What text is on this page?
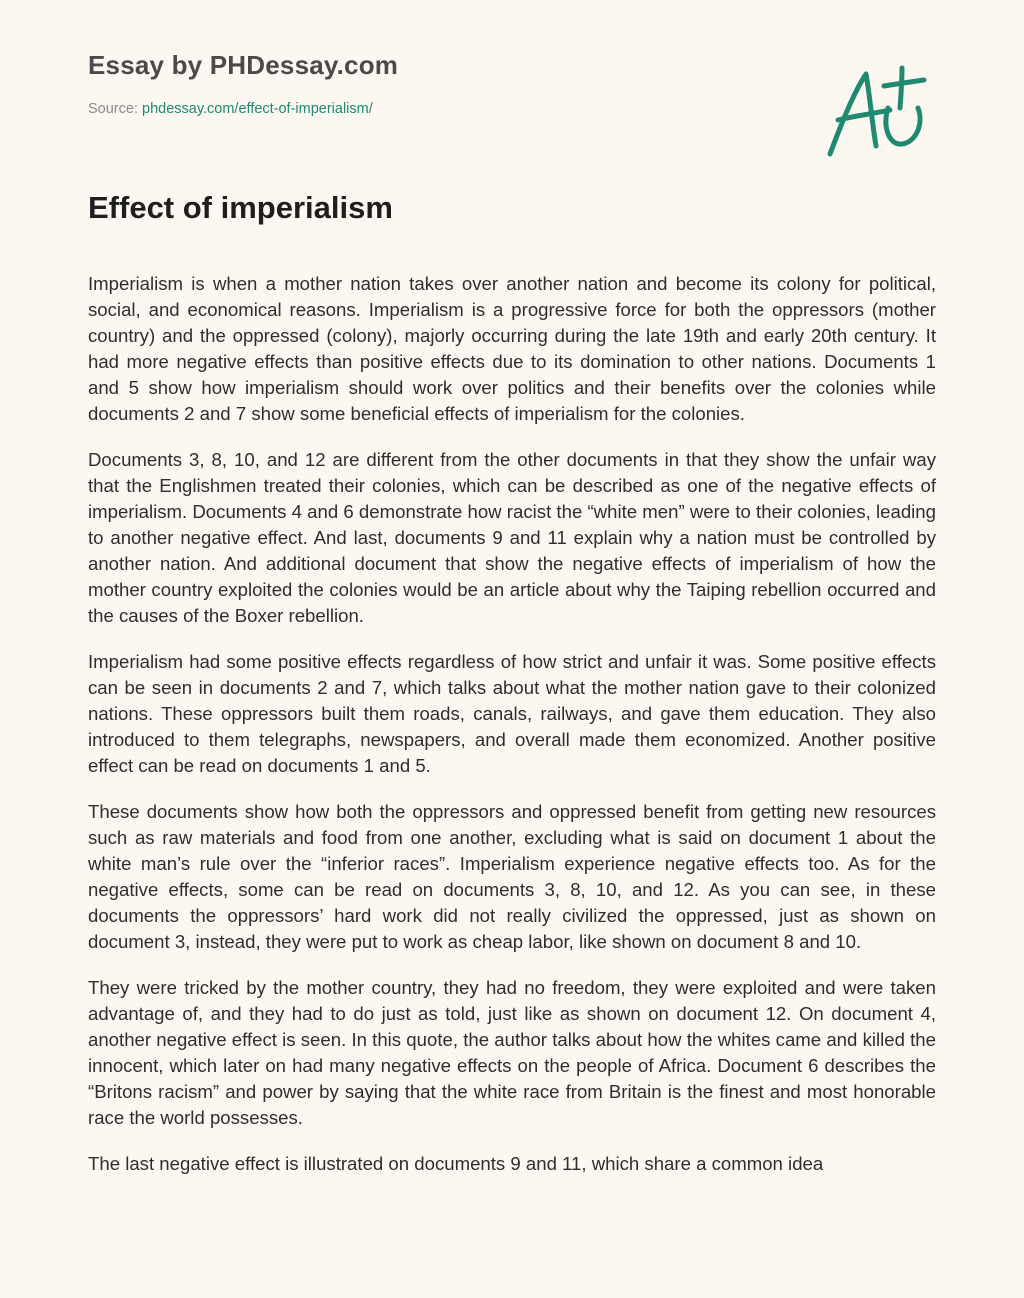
Essay by PHDessay.com
Source: phdessay.com/effect-of-imperialism/
Effect of imperialism

Imperialism is when a mother nation takes over another nation and become its colony for political, social, and economical reasons. Imperialism is a progressive force for both the oppressors (mother country) and the oppressed (colony), majorly occurring during the late 19th and early 20th century. It had more negative effects than positive effects due to its domination to other nations. Documents 1 and 5 show how imperialism should work over politics and their benefits over the colonies while documents 2 and 7 show some beneficial effects of imperialism for the colonies.

Documents 3, 8, 10, and 12 are different from the other documents in that they show the unfair way that the Englishmen treated their colonies, which can be described as one of the negative effects of imperialism. Documents 4 and 6 demonstrate how racist the “white men” were to their colonies, leading to another negative effect. And last, documents 9 and 11 explain why a nation must be controlled by another nation. And additional document that show the negative effects of imperialism of how the mother country exploited the colonies would be an article about why the Taiping rebellion occurred and the causes of the Boxer rebellion.

Imperialism had some positive effects regardless of how strict and unfair it was. Some positive effects can be seen in documents 2 and 7, which talks about what the mother nation gave to their colonized nations. These oppressors built them roads, canals, railways, and gave them education. They also introduced to them telegraphs, newspapers, and overall made them economized. Another positive effect can be read on documents 1 and 5.

These documents show how both the oppressors and oppressed benefit from getting new resources such as raw materials and food from one another, excluding what is said on document 1 about the white man’s rule over the “inferior races”. Imperialism experience negative effects too. As for the negative effects, some can be read on documents 3, 8, 10, and 12. As you can see, in these documents the oppressors’ hard work did not really civilized the oppressed, just as shown on document 3, instead, they were put to work as cheap labor, like shown on document 8 and 10.

They were tricked by the mother country, they had no freedom, they were exploited and were taken advantage of, and they had to do just as told, just like as shown on document 12. On document 4, another negative effect is seen. In this quote, the author talks about how the whites came and killed the innocent, which later on had many negative effects on the people of Africa. Document 6 describes the “Britons racism” and power by saying that the white race from Britain is the finest and most honorable race the world possesses.

The last negative effect is illustrated on documents 9 and 11, which share a common idea
